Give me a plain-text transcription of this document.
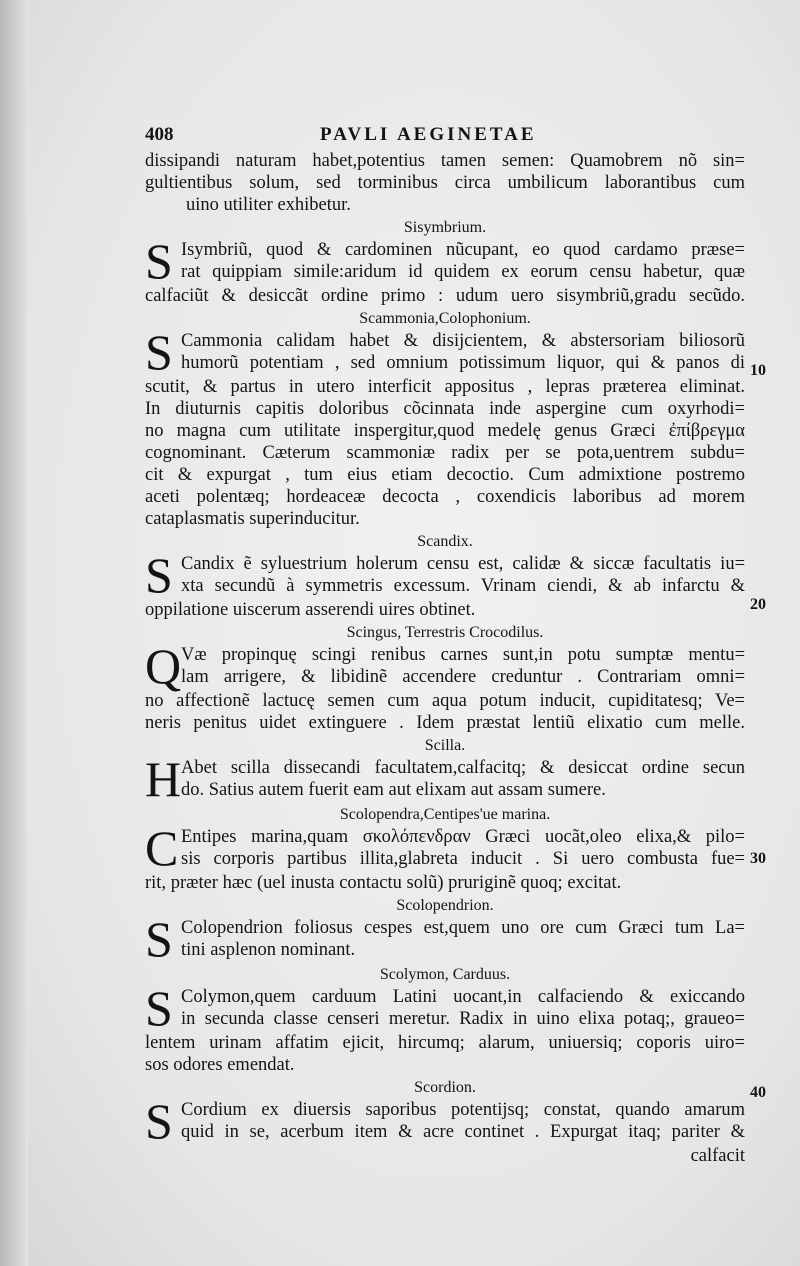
408	PAVLI AEGINETAE
10
20
30
40
dissipandi naturam habet,potentius tamen semen: Quamobrem nõ sin=
gultientibus solum, sed torminibus circa umbilicum laborantibus cum
uino utiliter exhibetur.
Sisymbrium.
S Isymbriũ, quod & cardominen nũcupant, eo quod cardamo præse=
rat quippiam simile:aridum id quidem ex eorum censu habetur, quæ
calfaciũt & desiccãt ordine primo : udum uero sisymbriũ,gradu secũdo.
Scammonia,Colophonium.
S Cammonia calidam habet & disijcientem, & abstersoriam biliosorũ
humorũ potentiam , sed omnium potissimum liquor, qui & panos di
scutit, & partus in utero interficit appositus , lepras præterea eliminat.
In diuturnis capitis doloribus cõcinnata inde aspergine cum oxyrhodi=
no magna cum utilitate inspergitur,quod medelę genus Græci ἐπίβρεγμα
cognominant. Cæterum scammoniæ radix per se pota,uentrem subdu=
cit & expurgat , tum eius etiam decoctio. Cum admixtione postremo
aceti polentæq; hordeaceæ decocta , coxendicis laboribus ad morem
cataplasmatis superinducitur.
Scandix.
S Candix ẽ syluestrium holerum censu est, calidæ & siccæ facultatis iu=
xta secundũ à symmetris excessum. Vrinam ciendi, & ab infarctu &
oppilatione uiscerum asserendi uires obtinet.
Scingus, Terrestris Crocodilus.
Q Væ propinquę scingi renibus carnes sunt,in potu sumptæ mentu=
lam arrigere, & libidinẽ accendere creduntur . Contrariam omni=
no affectionẽ lactucę semen cum aqua potum inducit, cupiditatesq; Ve=
neris penitus uidet extinguere . Idem præstat lentiũ elixatio cum melle.
Scilla.
H Abet scilla dissecandi facultatem,calfacitq; & desiccat ordine secun
do. Satius autem fuerit eam aut elixam aut assam sumere.
Scolopendra,Centipes'ue marina.
C Entipes marina,quam σκολόπενδραν Græci uocãt,oleo elixa,& pilo=
sis corporis partibus illita,glabreta inducit . Si uero combusta fue=
rit, præter hæc (uel inusta contactu solũ) pruriginẽ quoq; excitat.
Scolopendrion.
S Colopendrion foliosus cespes est,quem uno ore cum Græci tum La=
tini asplenon nominant.
Scolymon, Carduus.
S Colymon,quem carduum Latini uocant,in calfaciendo & exiccando
in secunda classe censeri meretur. Radix in uino elixa potaq;, graueo=
lentem urinam affatim ejicit, hircumq; alarum, uniuersiq; coporis uiro=
sos odores emendat.
Scordion.
S Cordium ex diuersis saporibus potentijsq; constat, quando amarum
quid in se, acerbum item & acre continet . Expurgat itaq; pariter &
calfacit
